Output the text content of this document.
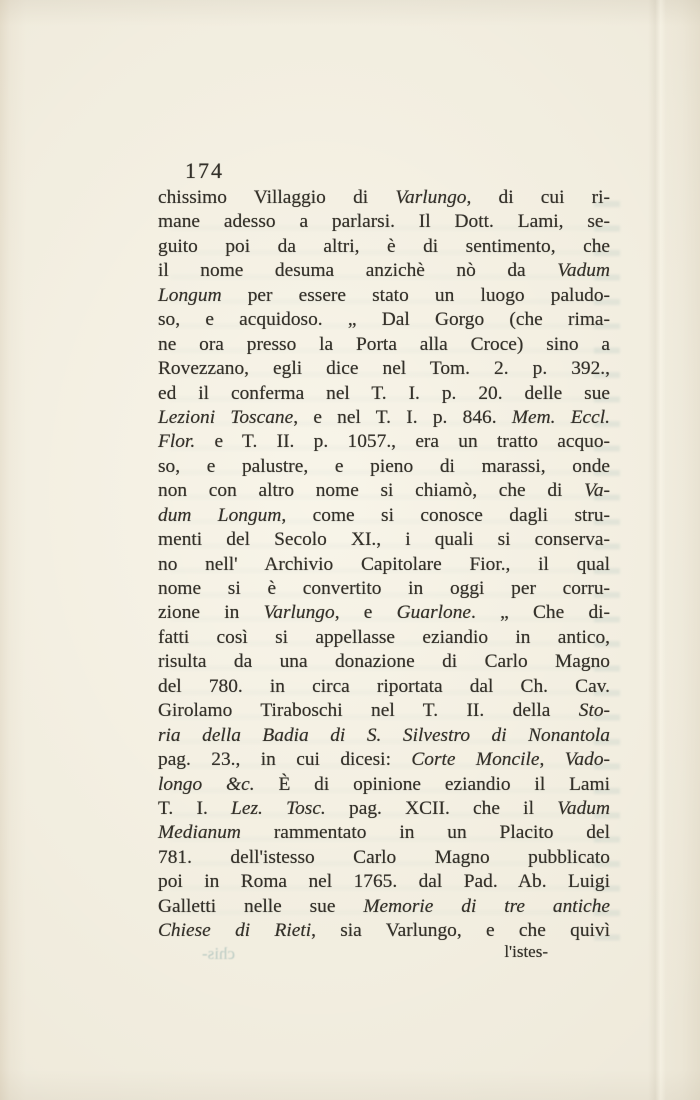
174
chissimo Villaggio di Varlungo, di cui ri-
mane adesso a parlarsi. Il Dott. Lami, se-
guito poi da altri, è di sentimento, che
il nome desuma anzichè nò da Vadum
Longum per essere stato un luogo paludo-
so, e acquidoso. „ Dal Gorgo (che rima-
ne ora presso la Porta alla Croce) sino a
Rovezzano, egli dice nel Tom. 2. p. 392.,
ed il conferma nel T. I. p. 20. delle sue
Lezioni Toscane, e nel T. I. p. 846. Mem. Eccl.
Flor. e T. II. p. 1057., era un tratto acquo-
so, e palustre, e pieno di marassi, onde
non con altro nome si chiamò, che di Va-
dum Longum, come si conosce dagli stru-
menti del Secolo XI., i quali si conserva-
no nell' Archivio Capitolare Fior., il qual
nome si è convertito in oggi per corru-
zione in Varlungo, e Guarlone. „ Che di-
fatti così si appellasse eziandio in antico,
risulta da una donazione di Carlo Magno
del 780. in circa riportata dal Ch. Cav.
Girolamo Tiraboschi nel T. II. della Sto-
ria della Badia di S. Silvestro di Nonantola
pag. 23., in cui dicesi: Corte Moncile, Vado-
longo &c. È di opinione eziandio il Lami
T. I. Lez. Tosc. pag. XCII. che il Vadum
Medianum rammentato in un Placito del
781. dell'istesso Carlo Magno pubblicato
poi in Roma nel 1765. dal Pad. Ab. Luigi
Galletti nelle sue Memorie di tre antiche
Chiese di Rieti, sia Varlungo, e che quivì
l'istes-
chis-
